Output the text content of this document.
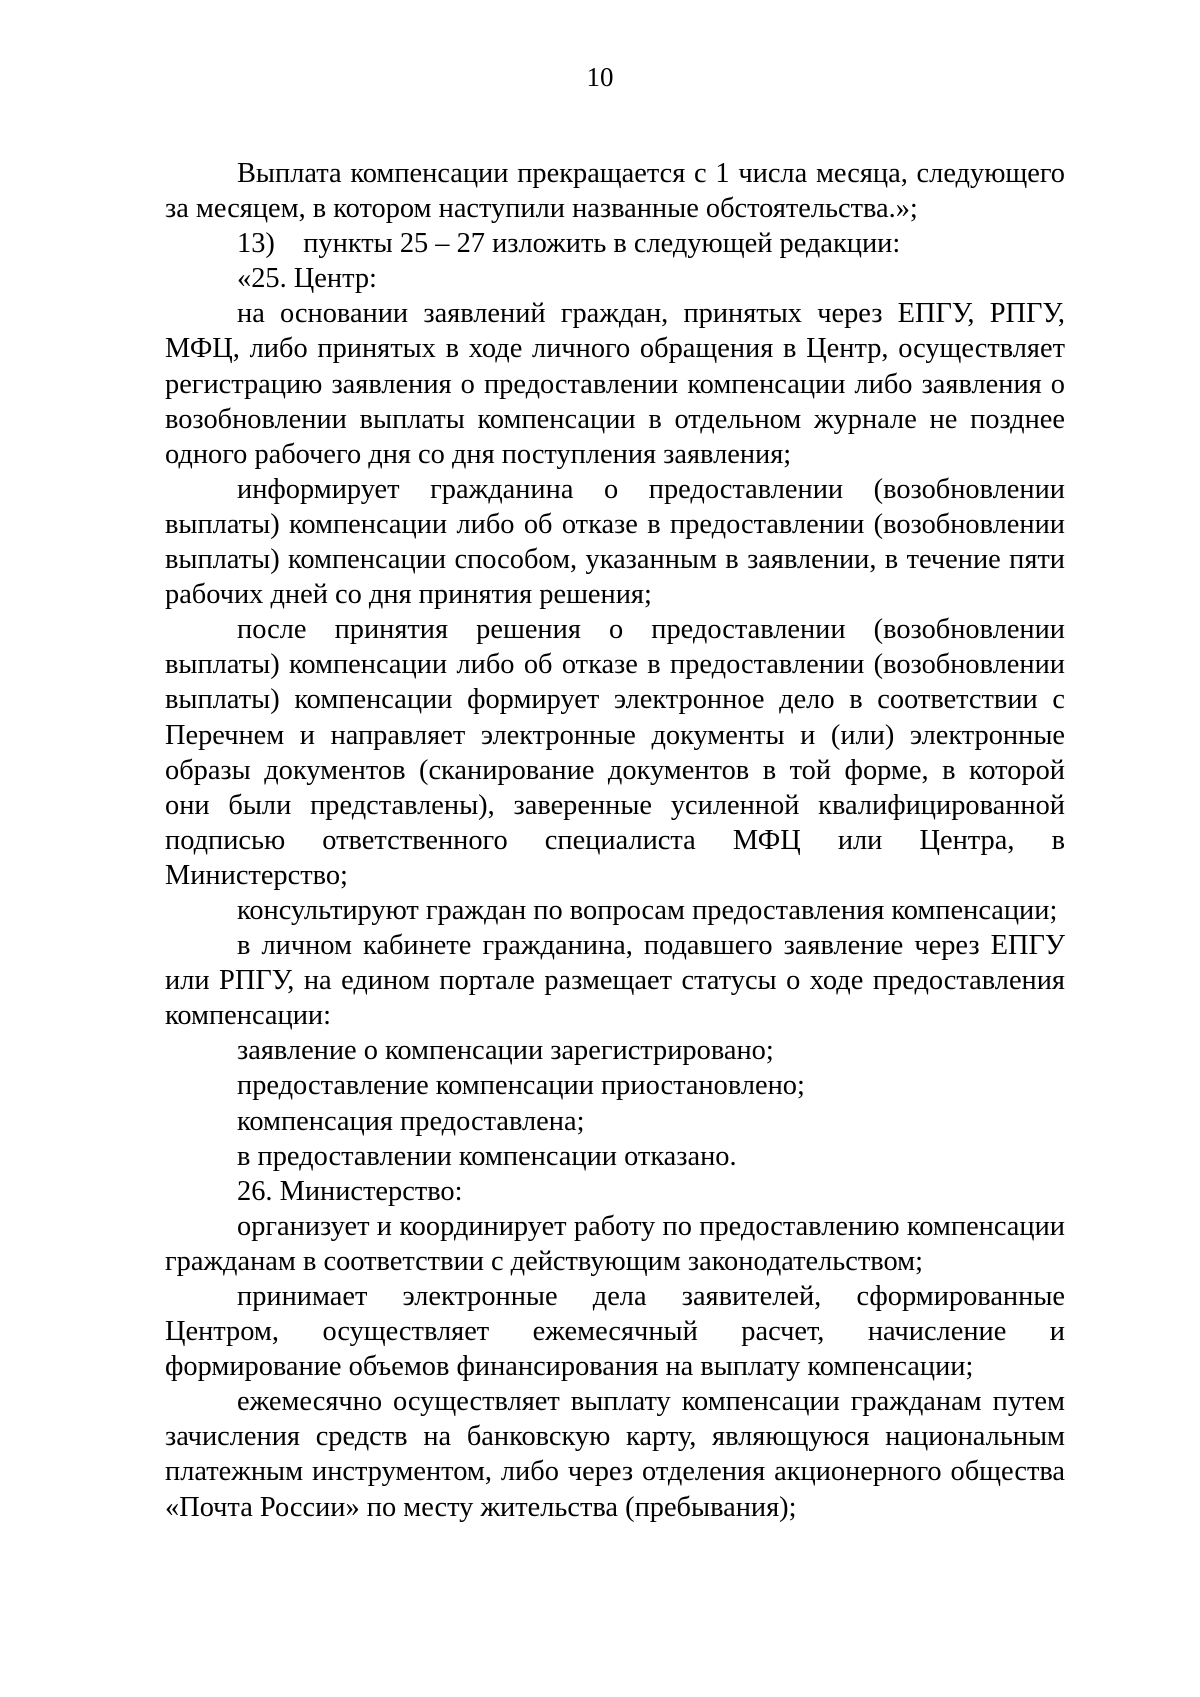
10

Выплата компенсации прекращается с 1 числа месяца, следующего за месяцем, в котором наступили названные обстоятельства.»;

13)    пункты 25 – 27 изложить в следующей редакции:

«25. Центр:

на основании заявлений граждан, принятых через ЕПГУ, РПГУ, МФЦ, либо принятых в ходе личного обращения в Центр, осуществляет регистрацию заявления о предоставлении компенсации либо заявления о возобновлении выплаты компенсации в отдельном журнале не позднее одного рабочего дня со дня поступления заявления;

информирует гражданина о предоставлении (возобновлении выплаты) компенсации либо об отказе в предоставлении (возобновлении выплаты) компенсации способом, указанным в заявлении, в течение пяти рабочих дней со дня принятия решения;

после принятия решения о предоставлении (возобновлении выплаты) компенсации либо об отказе в предоставлении (возобновлении выплаты) компенсации формирует электронное дело в соответствии с Перечнем и направляет электронные документы и (или) электронные образы документов (сканирование документов в той форме, в которой они были представлены), заверенные усиленной квалифицированной подписью ответственного специалиста МФЦ или Центра, в Министерство;

консультируют граждан по вопросам предоставления компенсации;

в личном кабинете гражданина, подавшего заявление через ЕПГУ или РПГУ, на едином портале размещает статусы о ходе предоставления компенсации:

заявление о компенсации зарегистрировано;

предоставление компенсации приостановлено;

компенсация предоставлена;

в предоставлении компенсации отказано.

26. Министерство:

организует и координирует работу по предоставлению компенсации гражданам в соответствии с действующим законодательством;

принимает электронные дела заявителей, сформированные Центром, осуществляет ежемесячный расчет, начисление и формирование объемов финансирования на выплату компенсации;

ежемесячно осуществляет выплату компенсации гражданам путем зачисления средств на банковскую карту, являющуюся национальным платежным инструментом, либо через отделения акционерного общества «Почта России» по месту жительства (пребывания);
